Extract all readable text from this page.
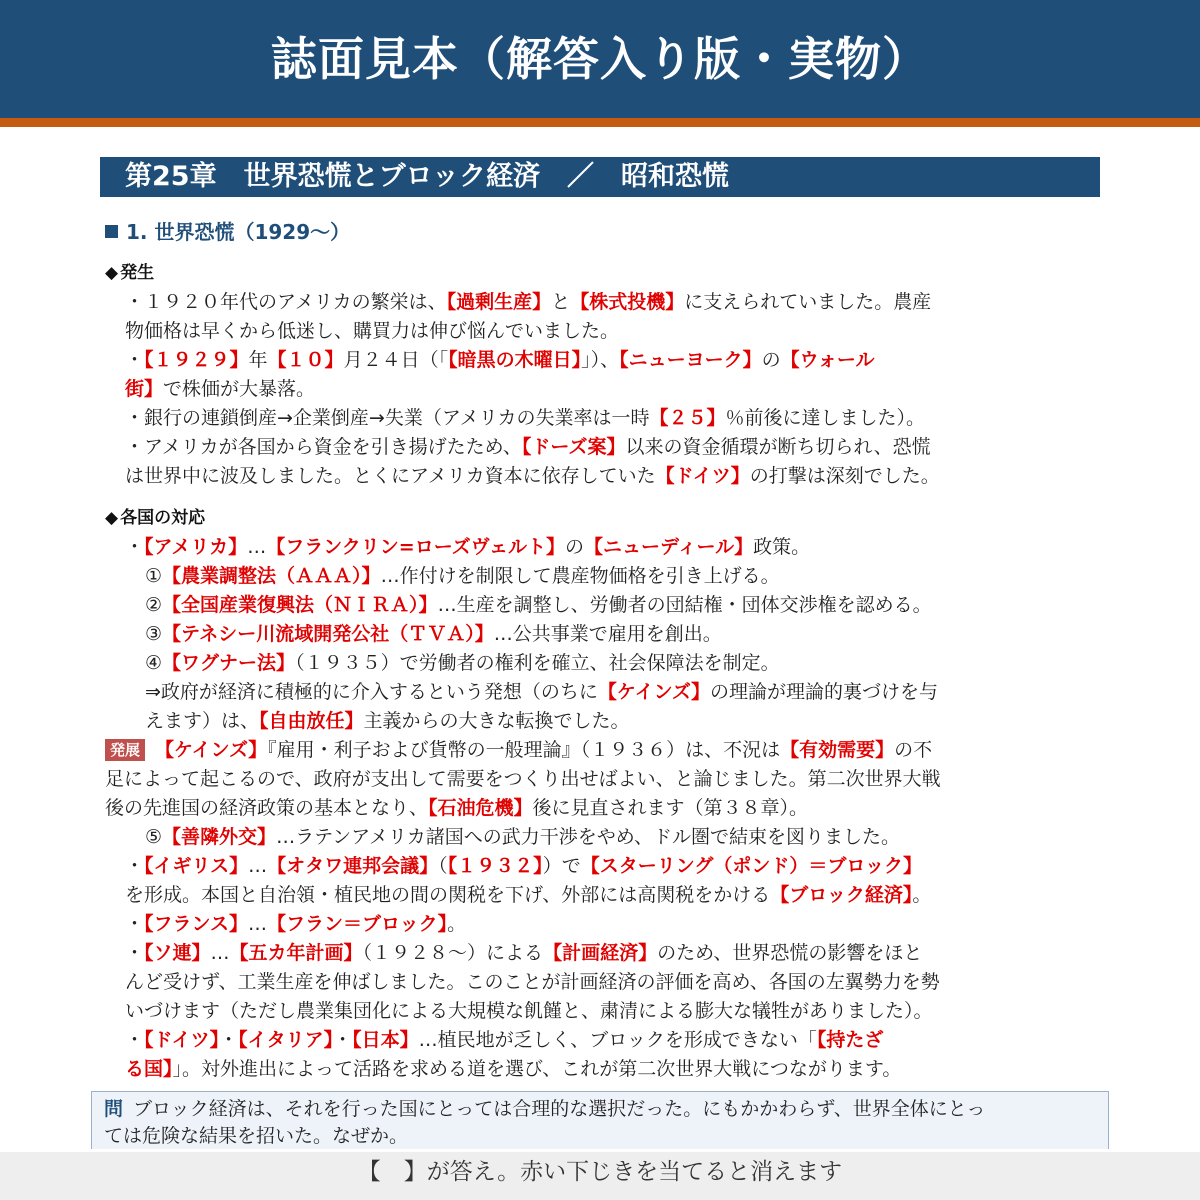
誌面見本（解答入り版・実物）
第25章　世界恐慌とブロック経済　／　昭和恐慌
1. 世界恐慌（1929～）
◆ 発生
・１９２０年代のアメリカの繁栄は、【過剰生産】と【株式投機】に支えられていました。農産
物価格は早くから低迷し、購買力は伸び悩んでいました。
・【１９２９】年【１０】月２４日（「【暗黒の木曜日】」）、【ニューヨーク】の【ウォール
街】で株価が大暴落。
・銀行の連鎖倒産→企業倒産→失業（アメリカの失業率は一時【２５】％前後に達しました）。
・アメリカが各国から資金を引き揚げたため、【ドーズ案】以来の資金循環が断ち切られ、恐慌
は世界中に波及しました。とくにアメリカ資本に依存していた【ドイツ】の打撃は深刻でした。
◆ 各国の対応
・【アメリカ】…【フランクリン=ローズヴェルト】の【ニューディール】政策。
①【農業調整法（ＡＡＡ）】…作付けを制限して農産物価格を引き上げる。
②【全国産業復興法（ＮＩＲＡ）】…生産を調整し、労働者の団結権・団体交渉権を認める。
③【テネシー川流域開発公社（ＴＶＡ）】…公共事業で雇用を創出。
④【ワグナー法】（１９３５）で労働者の権利を確立、社会保障法を制定。
⇒政府が経済に積極的に介入するという発想（のちに【ケインズ】の理論が理論的裏づけを与
えます）は、【自由放任】主義からの大きな転換でした。
発展 【ケインズ】『雇用・利子および貨幣の一般理論』（１９３６）は、不況は【有効需要】の不
足によって起こるので、政府が支出して需要をつくり出せばよい、と論じました。第二次世界大戦
後の先進国の経済政策の基本となり、【石油危機】後に見直されます（第３８章）。
⑤【善隣外交】…ラテンアメリカ諸国への武力干渉をやめ、ドル圏で結束を図りました。
・【イギリス】…【オタワ連邦会議】（【１９３２】）で【スターリング（ポンド）＝ブロック】
を形成。本国と自治領・植民地の間の関税を下げ、外部には高関税をかける【ブロック経済】。
・【フランス】…【フラン＝ブロック】。
・【ソ連】…【五カ年計画】（１９２８～）による【計画経済】のため、世界恐慌の影響をほと
んど受けず、工業生産を伸ばしました。このことが計画経済の評価を高め、各国の左翼勢力を勢
いづけます（ただし農業集団化による大規模な飢饉と、粛清による膨大な犠牲がありました）。
・【ドイツ】・【イタリア】・【日本】…植民地が乏しく、ブロックを形成できない「【持たざ
る国】」。対外進出によって活路を求める道を選び、これが第二次世界大戦につながります。
問 ブロック経済は、それを行った国にとっては合理的な選択だった。にもかかわらず、世界全体にとっ
ては危険な結果を招いた。なぜか。
【　】が答え。赤い下じきを当てると消えます
